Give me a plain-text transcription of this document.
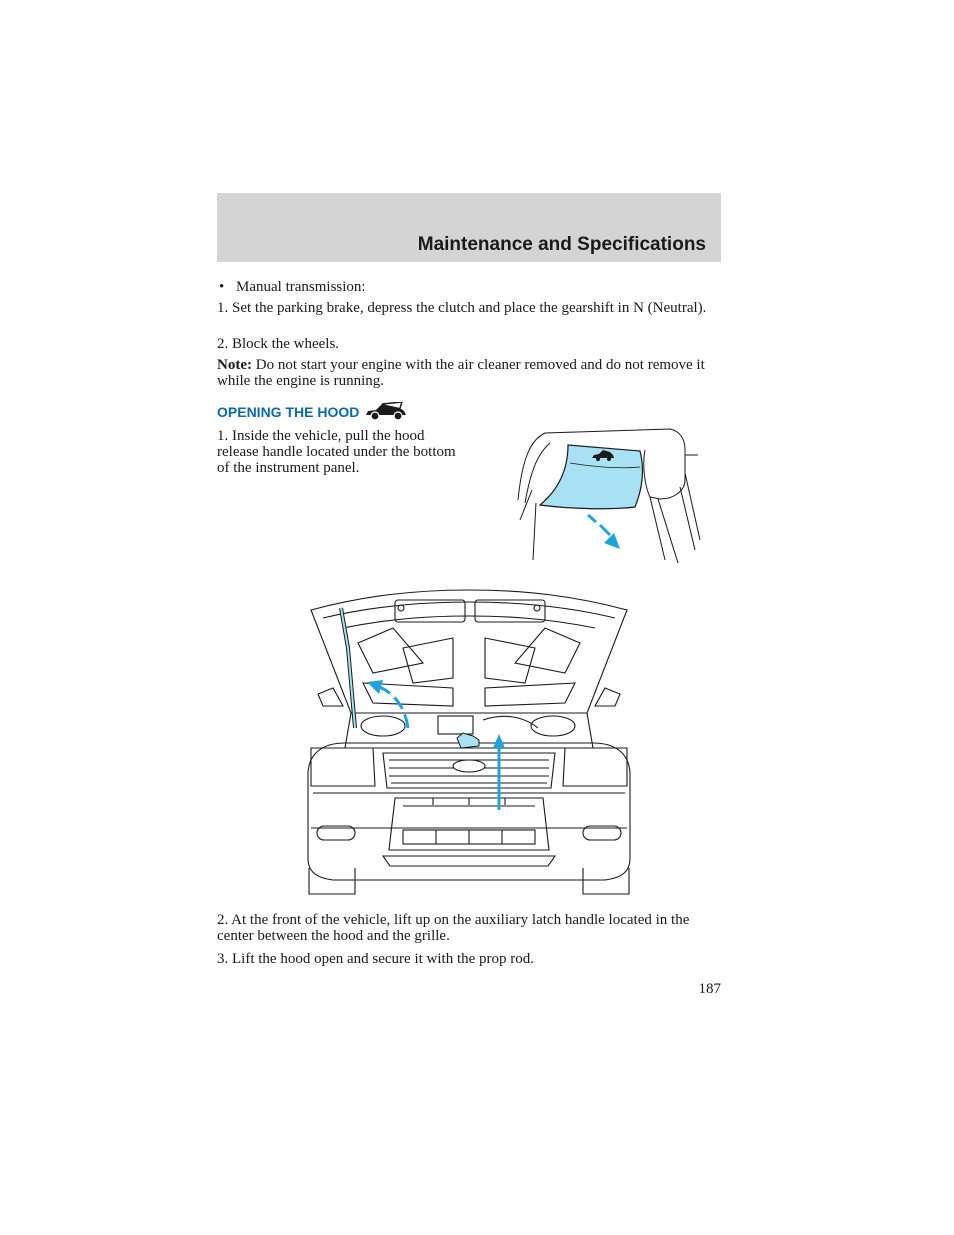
Maintenance and Specifications

• Manual transmission:

1. Set the parking brake, depress the clutch and place the gearshift in N (Neutral).

2. Block the wheels.

Note: Do not start your engine with the air cleaner removed and do not remove it while the engine is running.

OPENING THE HOOD

1. Inside the vehicle, pull the hood release handle located under the bottom of the instrument panel.

2. At the front of the vehicle, lift up on the auxiliary latch handle located in the center between the hood and the grille.

3. Lift the hood open and secure it with the prop rod.

187
